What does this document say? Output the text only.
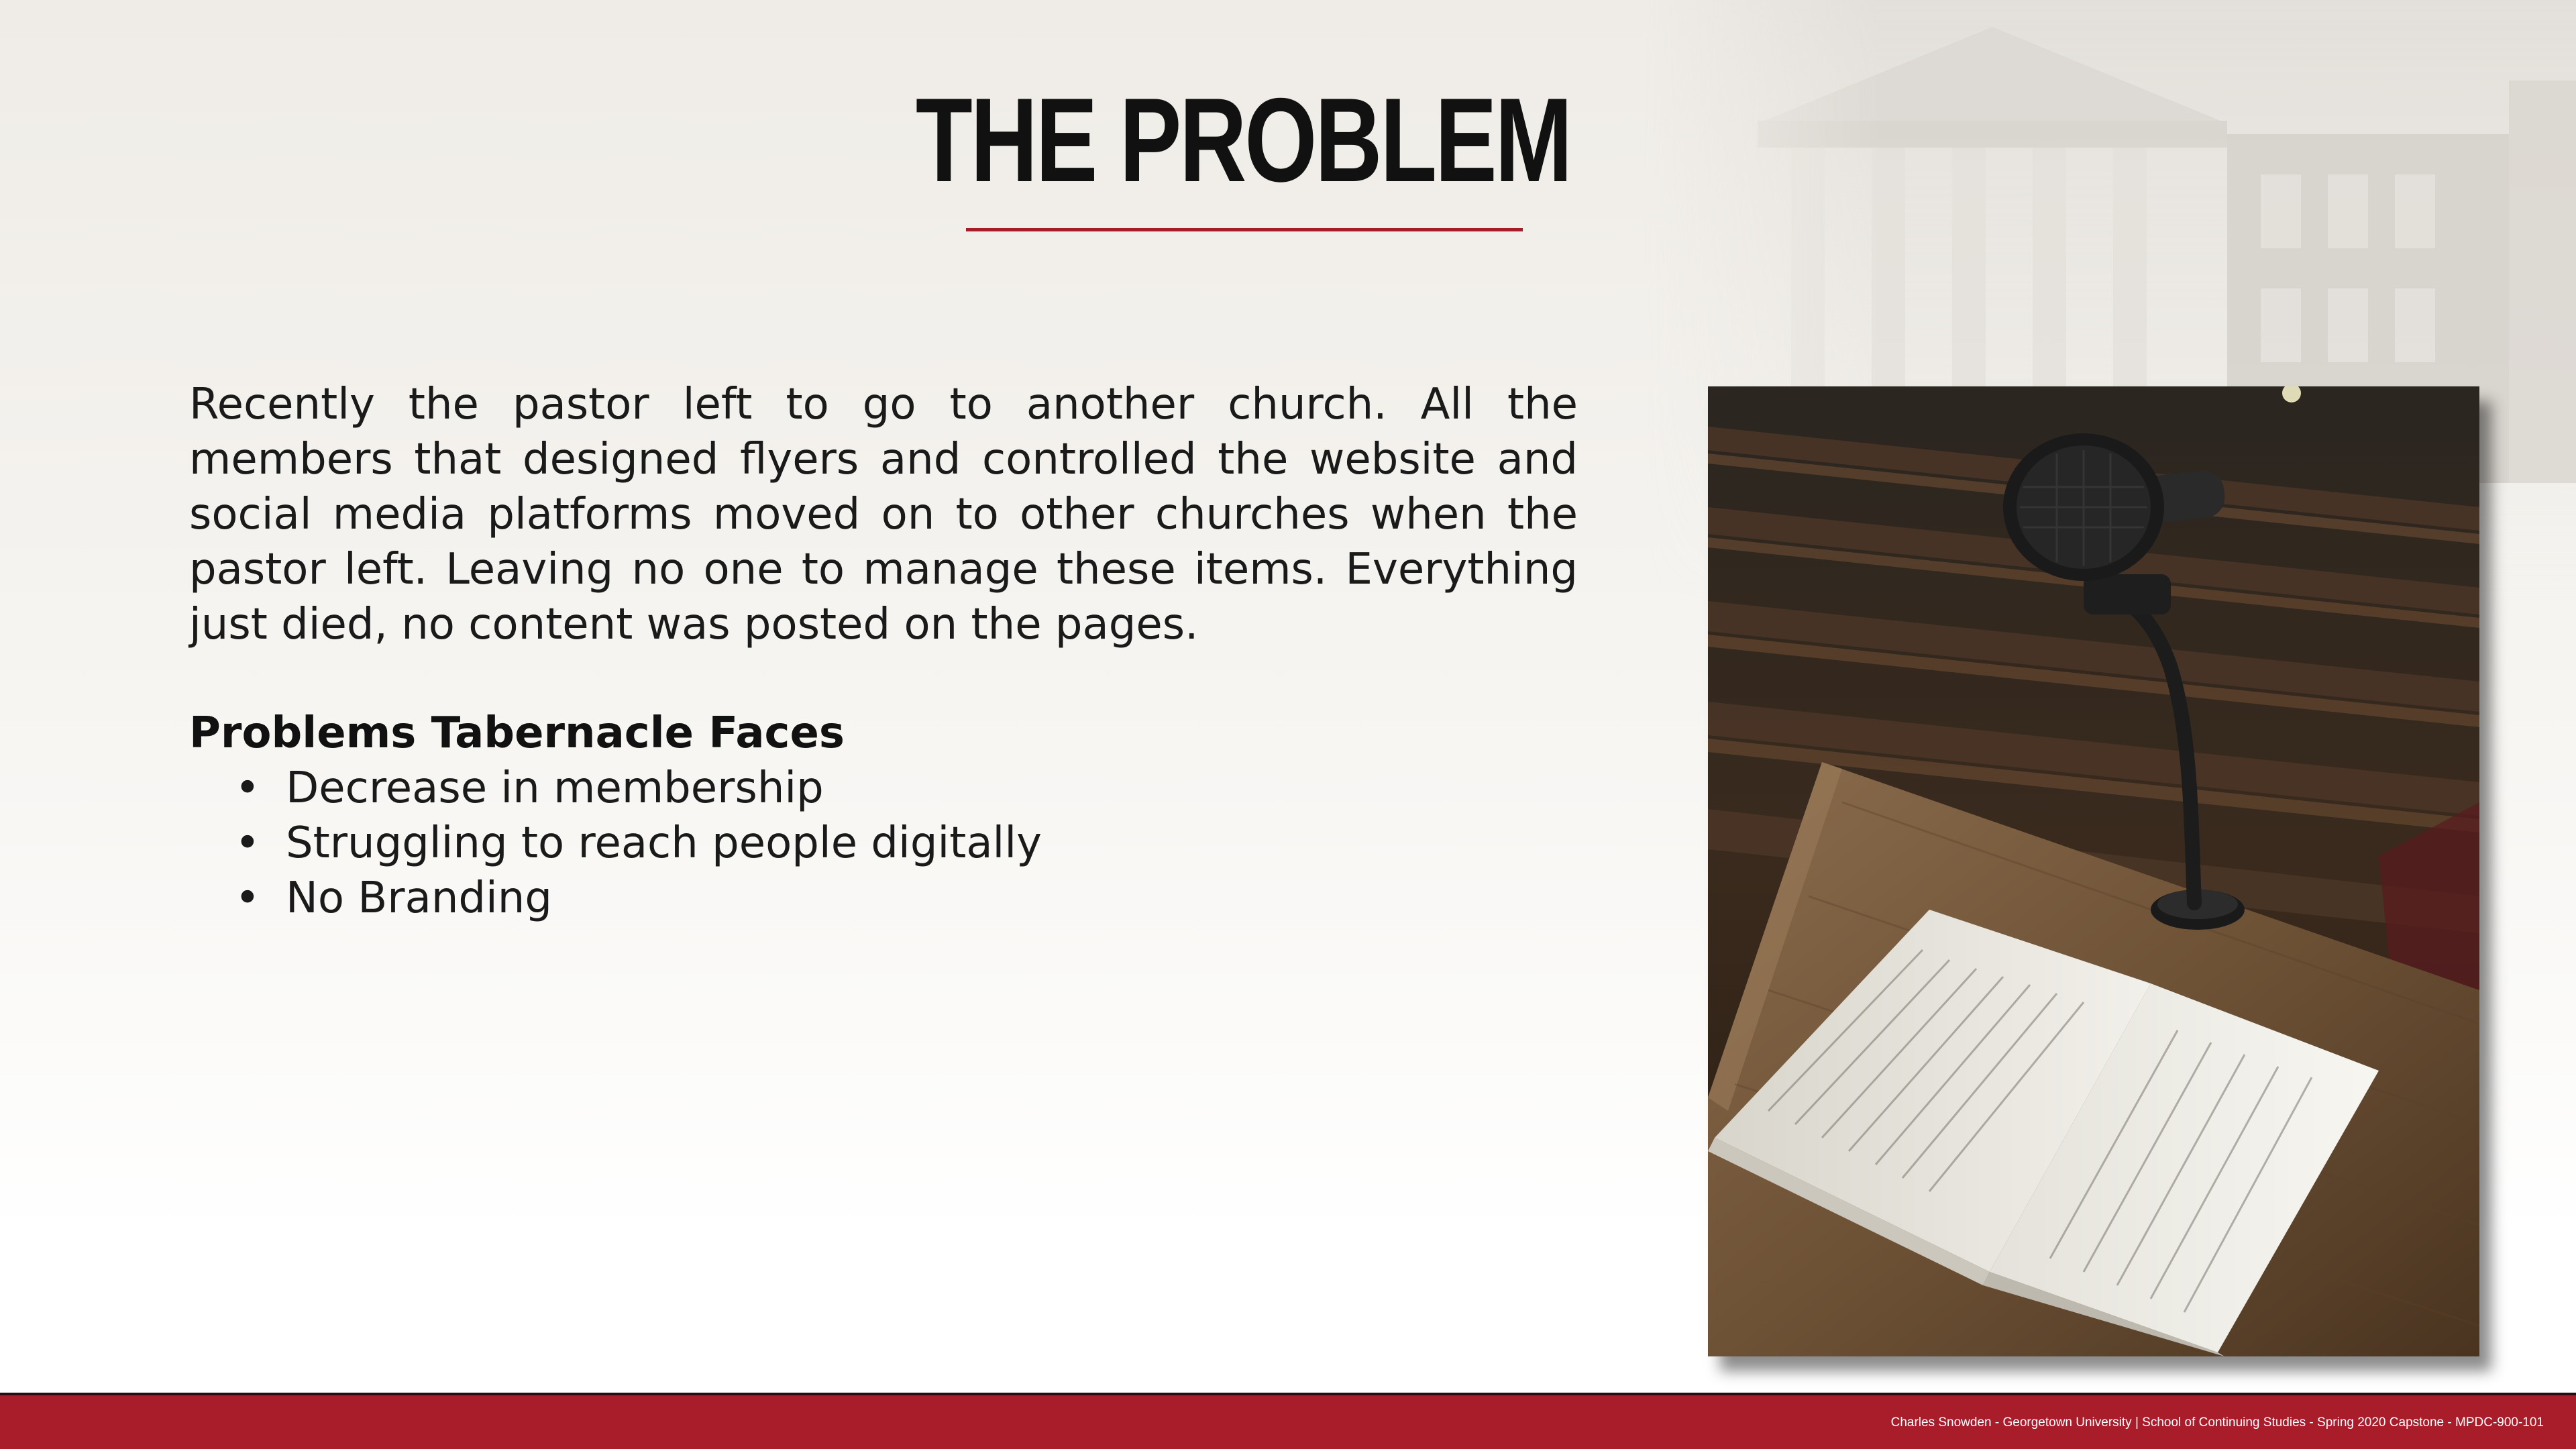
THE PROBLEM
Recently the pastor left to go to another church. All the members that designed flyers and controlled the website and social media platforms moved on to other churches when the pastor left. Leaving no one to manage these items. Everything just died, no content was posted on the pages.
Problems Tabernacle Faces
• Decrease in membership
• Struggling to reach people digitally
• No Branding
Charles Snowden - Georgetown University | School of Continuing Studies - Spring 2020 Capstone - MPDC-900-101
